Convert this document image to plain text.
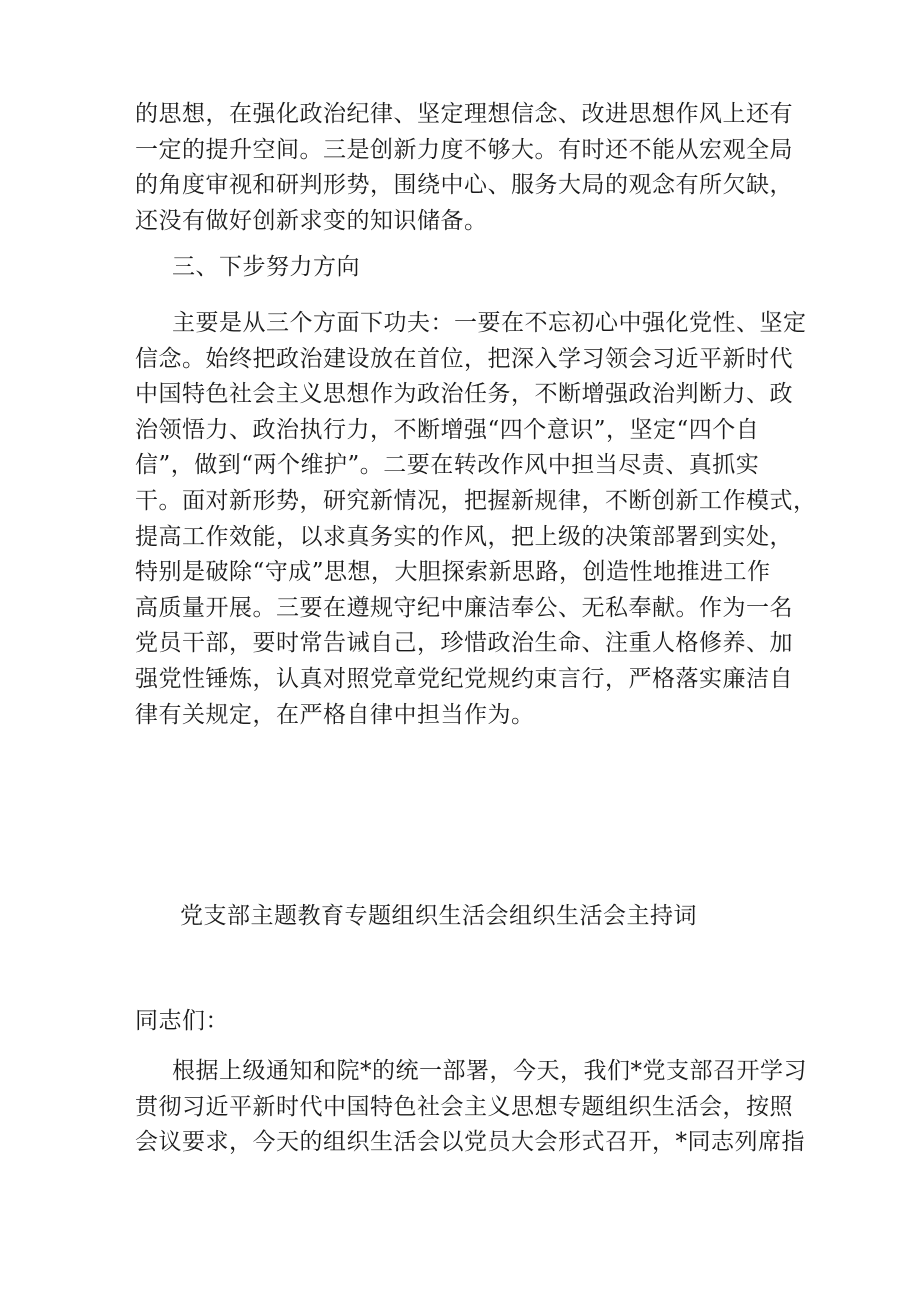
的思想，在强化政治纪律、坚定理想信念、改进思想作风上还有
一定的提升空间。三是创新力度不够大。有时还不能从宏观全局
的角度审视和研判形势，围绕中心、服务大局的观念有所欠缺，
还没有做好创新求变的知识储备。
三、下步努力方向
主要是从三个方面下功夫：一要在不忘初心中强化党性、坚定
信念。始终把政治建设放在首位，把深入学习领会习近平新时代
中国特色社会主义思想作为政治任务，不断增强政治判断力、政
治领悟力、政治执行力，不断增强“四个意识”，坚定“四个自
信”，做到“两个维护”。二要在转改作风中担当尽责、真抓实
干。面对新形势，研究新情况，把握新规律，不断创新工作模式，
提高工作效能，以求真务实的作风，把上级的决策部署到实处，
特别是破除“守成”思想，大胆探索新思路，创造性地推进工作
高质量开展。三要在遵规守纪中廉洁奉公、无私奉献。作为一名
党员干部，要时常告诫自己，珍惜政治生命、注重人格修养、加
强党性锤炼，认真对照党章党纪党规约束言行，严格落实廉洁自
律有关规定，在严格自律中担当作为。
党支部主题教育专题组织生活会组织生活会主持词
同志们：
根据上级通知和院*的统一部署，今天，我们*党支部召开学习
贯彻习近平新时代中国特色社会主义思想专题组织生活会，按照
会议要求，今天的组织生活会以党员大会形式召开，*同志列席指
